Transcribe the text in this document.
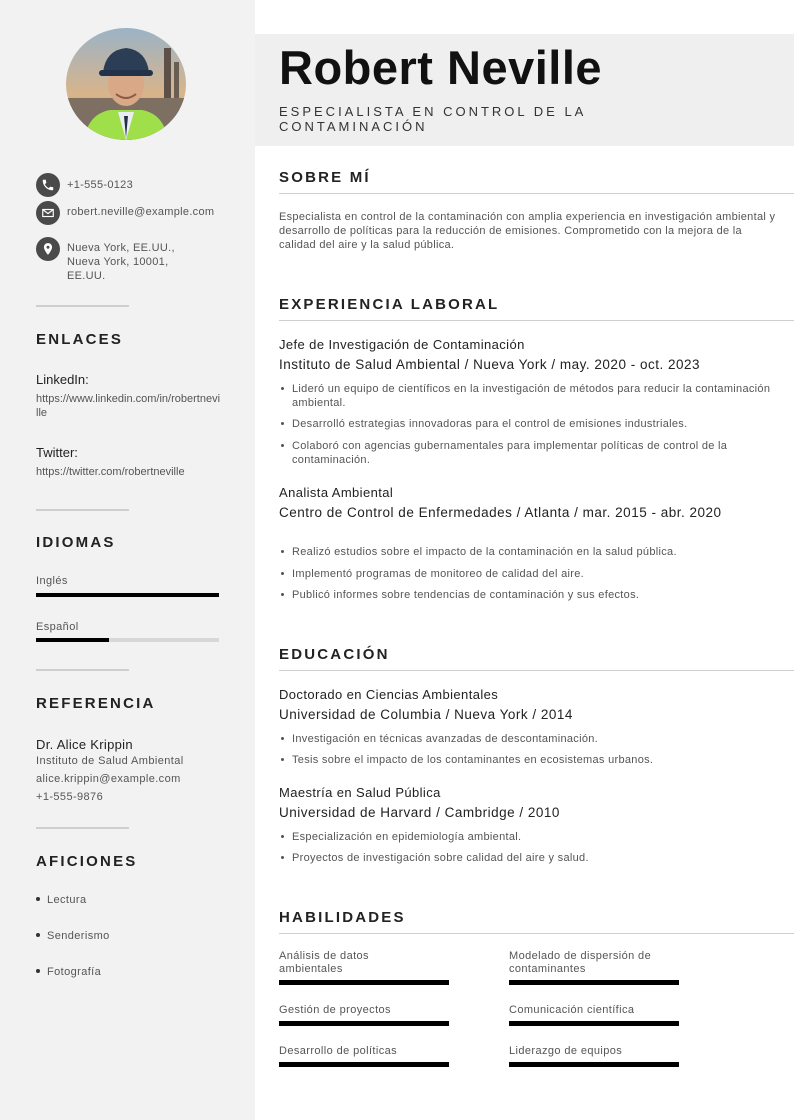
+1-555-0123
robert.neville@example.com
Nueva York, EE.UU., Nueva York, 10001, EE.UU.
ENLACES
LinkedIn:
https://www.linkedin.com/in/robertneville
Twitter:
https://twitter.com/robertneville
IDIOMAS
Inglés
Español
REFERENCIA
Dr. Alice Krippin
Instituto de Salud Ambiental
alice.krippin@example.com
+1-555-9876
AFICIONES
Lectura
Senderismo
Fotografía
Robert Neville
ESPECIALISTA EN CONTROL DE LA CONTAMINACIÓN
SOBRE MÍ
Especialista en control de la contaminación con amplia experiencia en investigación ambiental y desarrollo de políticas para la reducción de emisiones. Comprometido con la mejora de la calidad del aire y la salud pública.
EXPERIENCIA LABORAL
Jefe de Investigación de Contaminación
Instituto de Salud Ambiental / Nueva York / may. 2020 - oct. 2023
Lideró un equipo de científicos en la investigación de métodos para reducir la contaminación ambiental.
Desarrolló estrategias innovadoras para el control de emisiones industriales.
Colaboró con agencias gubernamentales para implementar políticas de control de la contaminación.
Analista Ambiental
Centro de Control de Enfermedades / Atlanta / mar. 2015 - abr. 2020
Realizó estudios sobre el impacto de la contaminación en la salud pública.
Implementó programas de monitoreo de calidad del aire.
Publicó informes sobre tendencias de contaminación y sus efectos.
EDUCACIÓN
Doctorado en Ciencias Ambientales
Universidad de Columbia / Nueva York / 2014
Investigación en técnicas avanzadas de descontaminación.
Tesis sobre el impacto de los contaminantes en ecosistemas urbanos.
Maestría en Salud Pública
Universidad de Harvard / Cambridge / 2010
Especialización en epidemiología ambiental.
Proyectos de investigación sobre calidad del aire y salud.
HABILIDADES
Análisis de datos ambientales
Modelado de dispersión de contaminantes
Gestión de proyectos	Comunicación científica
Desarrollo de políticas	Liderazgo de equipos
